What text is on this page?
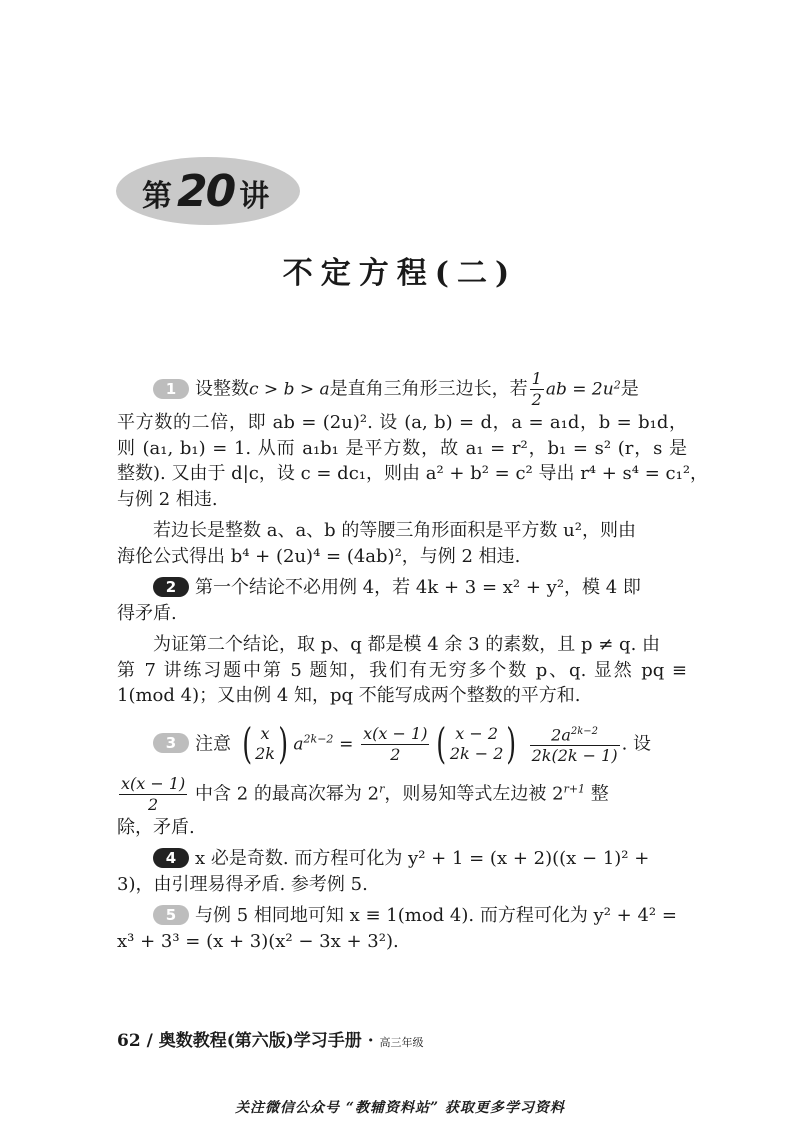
第 20 讲
不定方程(二)
1 设整数c > b > a是直角三角形三边长，若 $\frac{1}{2}$ ab = $2u^2$是
平方数的二倍，即 ab = (2u)². 设 (a, b) = d，a = a₁d，b = b₁d，
则 (a₁, b₁) = 1. 从而 a₁b₁ 是平方数，故 a₁ = r²，b₁ = s² (r，s 是
整数). 又由于 d|c，设 c = dc₁，则由 a² + b² = c² 导出 r⁴ + s⁴ = c₁²，
与例 2 相违.
若边长是整数 a、a、b 的等腰三角形面积是平方数 u²，则由
海伦公式得出 b⁴ + (2u)⁴ = (4ab)²，与例 2 相违.
2 第一个结论不必用例 4，若 4k + 3 = x² + y²，模 4 即
得矛盾.
为证第二个结论，取 p、q 都是模 4 余 3 的素数，且 p ≠ q. 由
第 7 讲练习题中第 5 题知，我们有无穷多个数 p、q. 显然 pq ≡
1(mod 4)；又由例 4 知，pq 不能写成两个整数的平方和.
3 注意 ( x
2k ) $a^{2k-2} = \frac{x(x - 1)}{2}$ ( x − 2
2k − 2 )
$\frac{2a^{2k-2}}{2k(2k - 1)}$ . 设
$\frac{x(x - 1)}{2}$ 中含 2 的最高次幂为 2$^r$，则易知等式左边被 $2^{r+1}$ 整
除，矛盾.
4 x 必是奇数. 而方程可化为 y² + 1 = (x + 2)((x − 1)² +
3)，由引理易得矛盾. 参考例 5.
5 与例 5 相同地可知 x ≡ 1(mod 4). 而方程可化为 y² + 4² =
x³ + 3³ = (x + 3)(x² − 3x + 3²).
62 / 奥数教程(第六版)学习手册 · 高三年级
关注微信公众号 “教辅资料站” 获取更多学习资料
